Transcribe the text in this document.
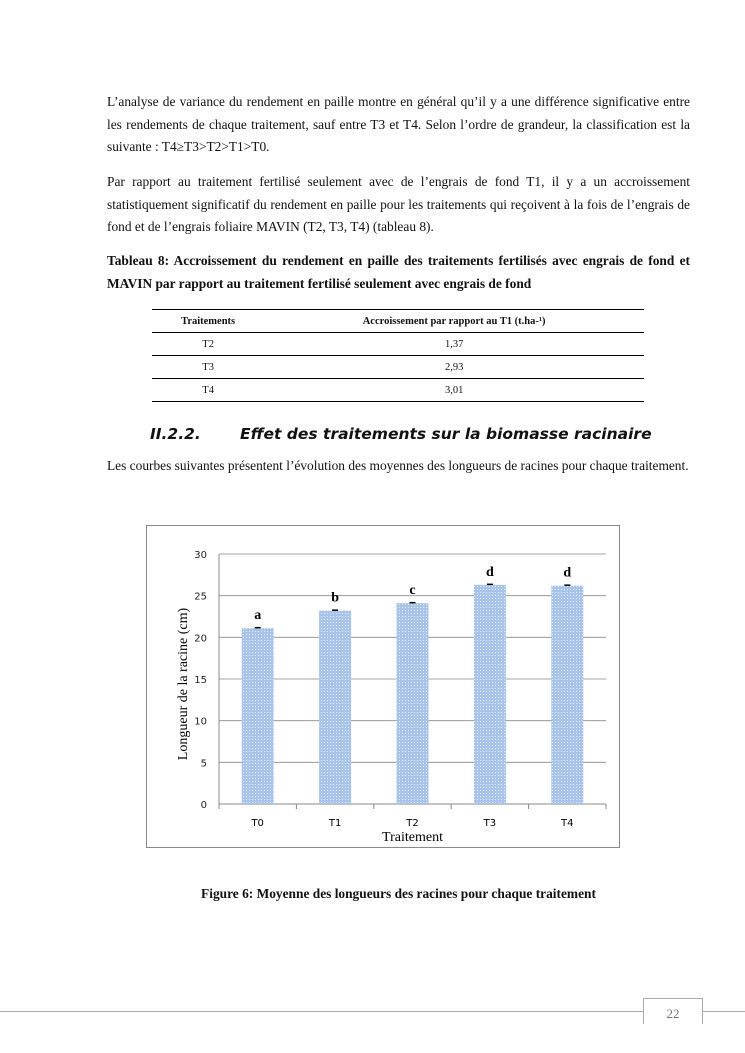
L’analyse de variance du rendement en paille montre en général qu’il y a une différence significative entre les rendements de chaque traitement, sauf entre T3 et T4. Selon l’ordre de grandeur, la classification est la suivante : T4≥T3>T2>T1>T0.
Par rapport au traitement fertilisé seulement avec de l’engrais de fond T1, il y a un accroissement statistiquement significatif du rendement en paille pour les traitements qui reçoivent à la fois de l’engrais de fond et de l’engrais foliaire MAVIN (T2, T3, T4) (tableau 8).
Tableau 8: Accroissement du rendement en paille des traitements fertilisés avec engrais de fond et MAVIN par rapport au traitement fertilisé seulement avec engrais de fond
Traitements	Accroissement par rapport au T1 (t.ha-¹)
T2	1,37
T3	2,93
T4	3,01
II.2.2.	Effet des traitements sur la biomasse racinaire
Les courbes suivantes présentent l’évolution des moyennes des longueurs de racines pour chaque traitement.
0
5
10
15
20
25
30
a
T0
b
T1
c
T2
d
T3
d
T4
Traitement
Longueur de la racine (cm)
Figure 6: Moyenne des longueurs des racines pour chaque traitement
22
